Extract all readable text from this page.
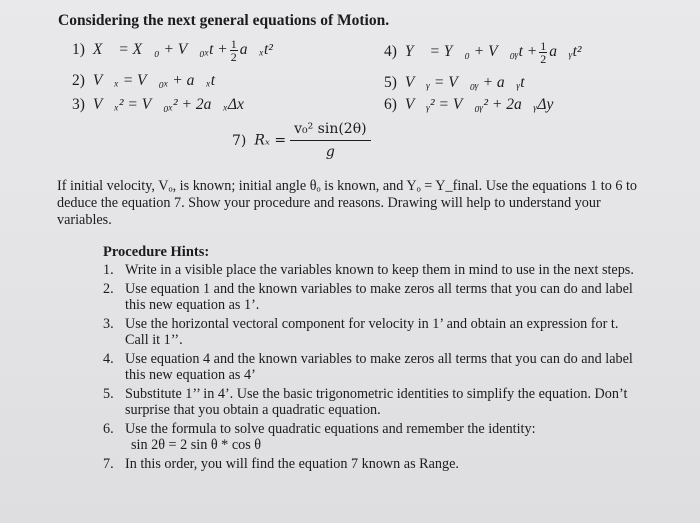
Considering the next general equations of Motion.
1) X⃗ = X⃗₀ + V⃗₀ₓt + $\frac{1}{2}$ a⃗ₓt²
2) V⃗ₓ = V⃗₀ₓ + a⃗ₓt
3) V⃗ₓ² = V⃗₀ₓ² + 2a⃗ₓΔx⃗
4) Y⃗ = Y⃗₀ + V⃗₀ᵧt + $\frac{1}{2}$ a⃗ᵧt²
5) V⃗ᵧ = V⃗₀ᵧ + a⃗ᵧt
6) V⃗ᵧ² = V⃗₀ᵧ² + 2a⃗ᵧΔy⃗
7) $R_x = \frac{\text{v₀² sin(2θ)}}{g}$
If initial velocity, Vₒ, is known; initial angle θₒ is known, and Yₒ = Y_final. Use the equations 1 to 6 to deduce the equation 7. Show your procedure and reasons. Drawing will help to understand your variables.
Procedure Hints:
1. Write in a visible place the variables known to keep them in mind to use in the next steps.
2. Use equation 1 and the known variables to make zeros all terms that you can do and label this new equation as 1’.
3. Use the horizontal vectoral component for velocity in 1’ and obtain an expression for t. Call it 1’’.
4. Use equation 4 and the known variables to make zeros all terms that you can do and label this new equation as 4’
5. Substitute 1’’ in 4’. Use the basic trigonometric identities to simplify the equation. Don’t surprise that you obtain a quadratic equation.
6. Use the formula to solve quadratic equations and remember the identity:
sin 2θ = 2 sin θ * cos θ
7. In this order, you will find the equation 7 known as Range.
